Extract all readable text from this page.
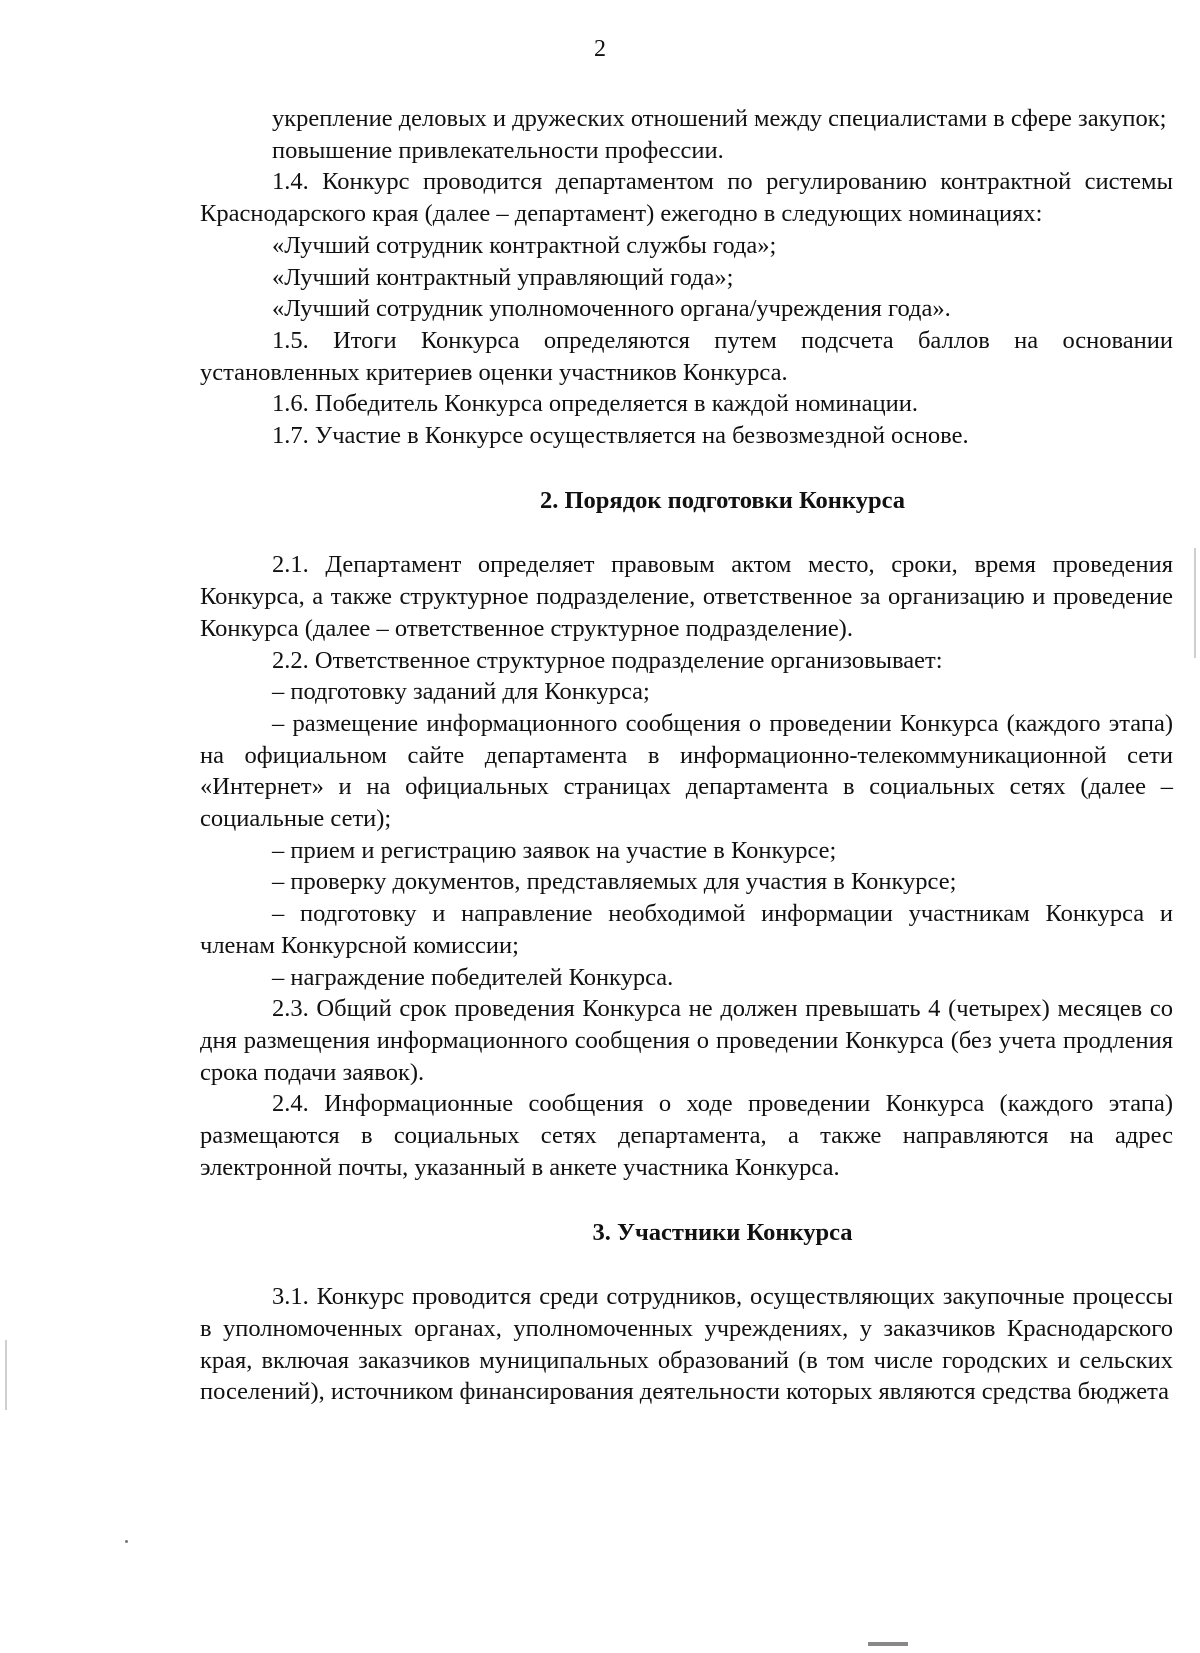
2

укрепление деловых и дружеских отношений между специалистами в сфере закупок;

повышение привлекательности профессии.

1.4. Конкурс проводится департаментом по регулированию контрактной системы Краснодарского края (далее – департамент) ежегодно в следующих номинациях:

«Лучший сотрудник контрактной службы года»;

«Лучший контрактный управляющий года»;

«Лучший сотрудник уполномоченного органа/учреждения года».

1.5. Итоги Конкурса определяются путем подсчета баллов на основании установленных критериев оценки участников Конкурса.

1.6. Победитель Конкурса определяется в каждой номинации.

1.7. Участие в Конкурсе осуществляется на безвозмездной основе.

2. Порядок подготовки Конкурса

2.1. Департамент определяет правовым актом место, сроки, время проведения Конкурса, а также структурное подразделение, ответственное за организацию и проведение Конкурса (далее – ответственное структурное подразделение).

2.2. Ответственное структурное подразделение организовывает:

– подготовку заданий для Конкурса;

– размещение информационного сообщения о проведении Конкурса (каждого этапа) на официальном сайте департамента в информационно-телекоммуникационной сети «Интернет» и на официальных страницах департамента в социальных сетях (далее – социальные сети);

– прием и регистрацию заявок на участие в Конкурсе;

– проверку документов, представляемых для участия в Конкурсе;

– подготовку и направление необходимой информации участникам Конкурса и членам Конкурсной комиссии;

– награждение победителей Конкурса.

2.3. Общий срок проведения Конкурса не должен превышать 4 (четырех) месяцев со дня размещения информационного сообщения о проведении Конкурса (без учета продления срока подачи заявок).

2.4. Информационные сообщения о ходе проведении Конкурса (каждого этапа) размещаются в социальных сетях департамента, а также направляются на адрес электронной почты, указанный в анкете участника Конкурса.

3. Участники Конкурса

3.1. Конкурс проводится среди сотрудников, осуществляющих закупочные процессы в уполномоченных органах, уполномоченных учреждениях, у заказчиков Краснодарского края, включая заказчиков муниципальных образований (в том числе городских и сельских поселений), источником финансирования деятельности которых являются средства бюджета
